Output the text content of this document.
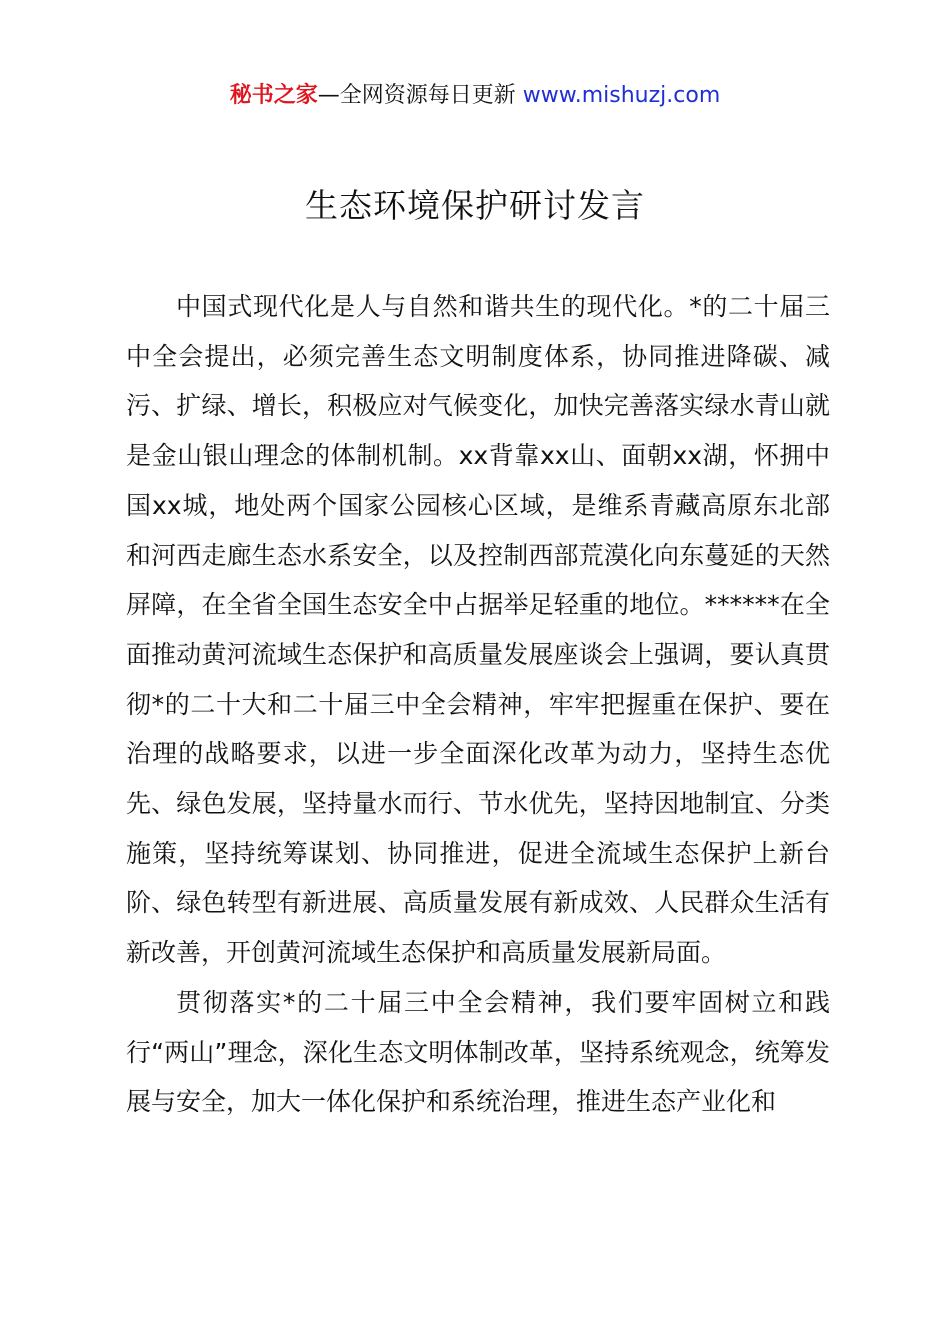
秘书之家—全网资源每日更新 www.mishuzj.com
生态环境保护研讨发言

中国式现代化是人与自然和谐共生的现代化。*的二十届三中全会提出，必须完善生态文明制度体系，协同推进降碳、减污、扩绿、增长，积极应对气候变化，加快完善落实绿水青山就是金山银山理念的体制机制。xx背靠xx山、面朝xx湖，怀拥中国xx城，地处两个国家公园核心区域，是维系青藏高原东北部和河西走廊生态水系安全，以及控制西部荒漠化向东蔓延的天然屏障，在全省全国生态安全中占据举足轻重的地位。******在全面推动黄河流域生态保护和高质量发展座谈会上强调，要认真贯彻*的二十大和二十届三中全会精神，牢牢把握重在保护、要在治理的战略要求，以进一步全面深化改革为动力，坚持生态优先、绿色发展，坚持量水而行、节水优先，坚持因地制宜、分类施策，坚持统筹谋划、协同推进，促进全流域生态保护上新台阶、绿色转型有新进展、高质量发展有新成效、人民群众生活有新改善，开创黄河流域生态保护和高质量发展新局面。

贯彻落实*的二十届三中全会精神，我们要牢固树立和践行“两山”理念，深化生态文明体制改革，坚持系统观念，统筹发展与安全，加大一体化保护和系统治理，推进生态产业化和
